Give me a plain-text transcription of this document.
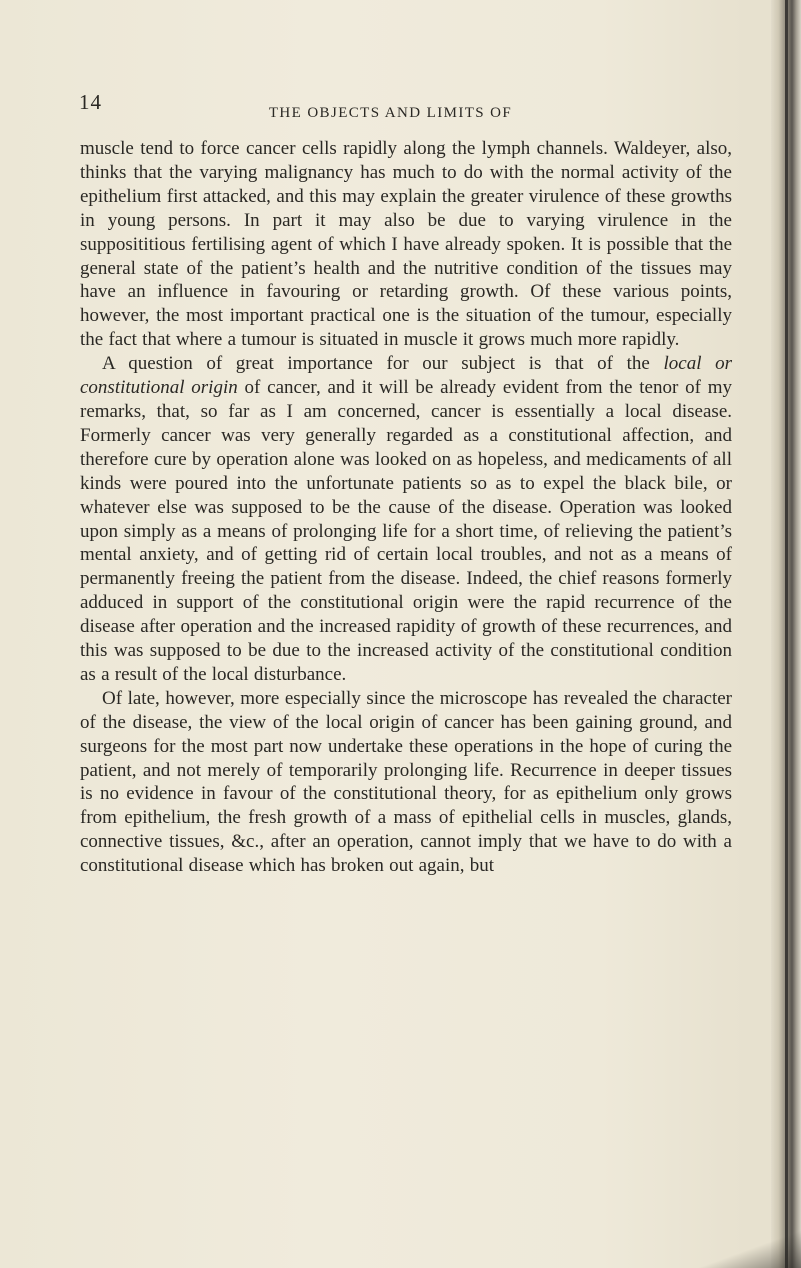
14	THE OBJECTS AND LIMITS OF

muscle tend to force cancer cells rapidly along the lymph channels. Waldeyer, also, thinks that the varying malignancy has much to do with the normal activity of the epithelium first attacked, and this may explain the greater virulence of these growths in young persons. In part it may also be due to varying virulence in the supposititious fertilising agent of which I have already spoken. It is possible that the general state of the patient’s health and the nutritive condition of the tissues may have an influence in favouring or retarding growth. Of these various points, however, the most important practical one is the situation of the tumour, especially the fact that where a tumour is situated in muscle it grows much more rapidly.

A question of great importance for our subject is that of the local or constitutional origin of cancer, and it will be already evident from the tenor of my remarks, that, so far as I am concerned, cancer is essentially a local disease. Formerly cancer was very generally regarded as a constitutional affection, and therefore cure by operation alone was looked on as hopeless, and medicaments of all kinds were poured into the unfortunate patients so as to expel the black bile, or whatever else was supposed to be the cause of the disease. Operation was looked upon simply as a means of prolonging life for a short time, of relieving the patient’s mental anxiety, and of getting rid of certain local troubles, and not as a means of permanently freeing the patient from the disease. Indeed, the chief reasons formerly adduced in support of the constitutional origin were the rapid recurrence of the disease after operation and the increased rapidity of growth of these recurrences, and this was supposed to be due to the increased activity of the constitutional condition as a result of the local disturbance.

Of late, however, more especially since the microscope has revealed the character of the disease, the view of the local origin of cancer has been gaining ground, and surgeons for the most part now undertake these operations in the hope of curing the patient, and not merely of temporarily prolonging life. Recurrence in deeper tissues is no evidence in favour of the constitutional theory, for as epithelium only grows from epithelium, the fresh growth of a mass of epithelial cells in muscles, glands, connective tissues, &c., after an operation, cannot imply that we have to do with a constitutional disease which has broken out again, but
